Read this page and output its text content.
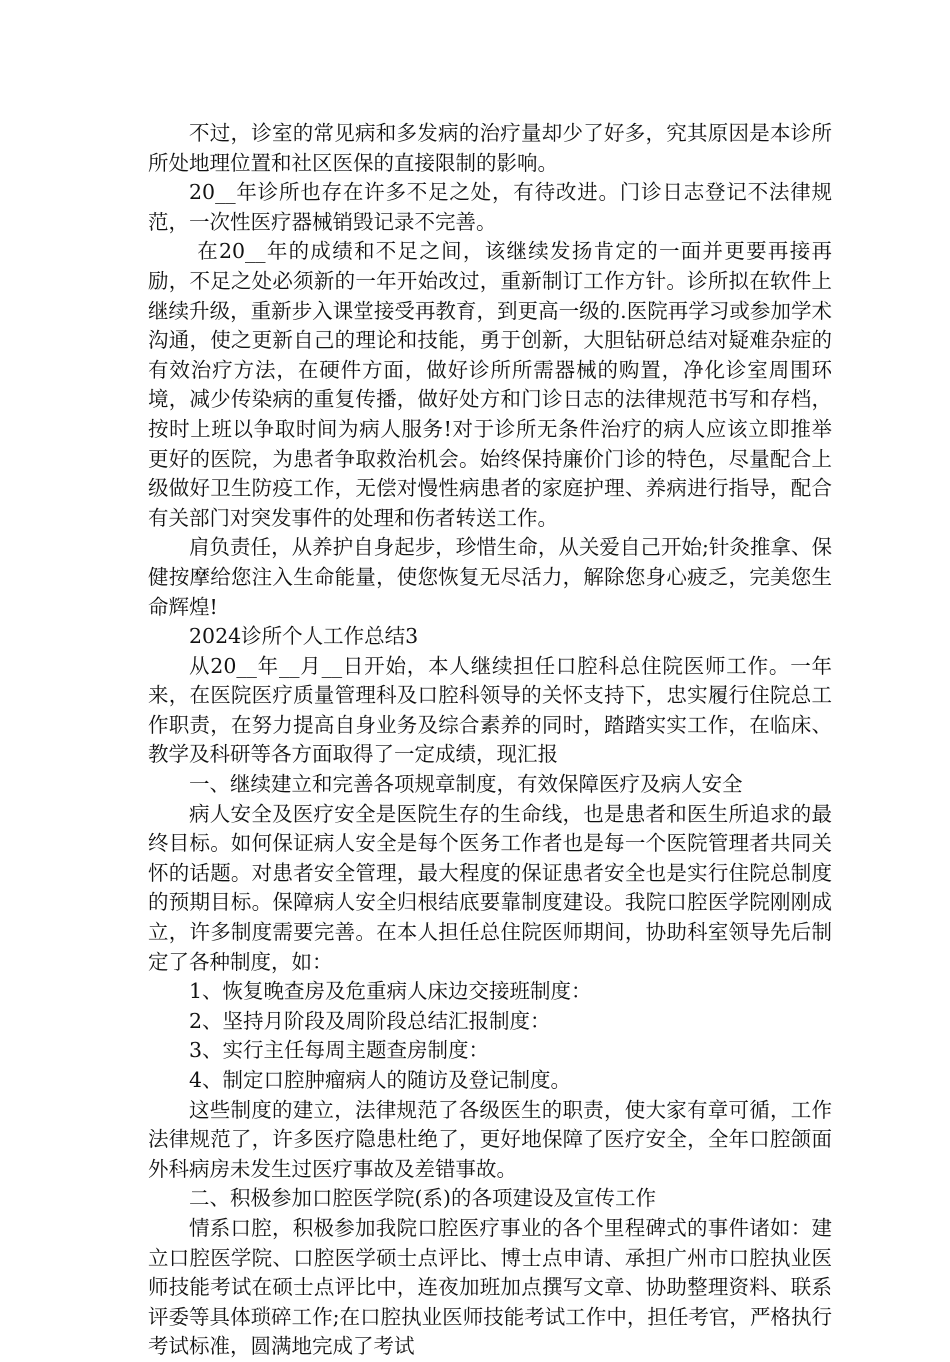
不过，诊室的常见病和多发病的治疗量却少了好多，究其原因是本诊所所处地理位置和社区医保的直接限制的影响。

20__年诊所也存在许多不足之处，有待改进。门诊日志登记不法律规范，一次性医疗器械销毁记录不完善。

在20__年的成绩和不足之间，该继续发扬肯定的一面并更要再接再励，不足之处必须新的一年开始改过，重新制订工作方针。诊所拟在软件上继续升级，重新步入课堂接受再教育，到更高一级的.医院再学习或参加学术沟通，使之更新自己的理论和技能，勇于创新，大胆钻研总结对疑难杂症的有效治疗方法，在硬件方面，做好诊所所需器械的购置，净化诊室周围环境，减少传染病的重复传播，做好处方和门诊日志的法律规范书写和存档，按时上班以争取时间为病人服务!对于诊所无条件治疗的病人应该立即推举更好的医院，为患者争取救治机会。始终保持廉价门诊的特色，尽量配合上级做好卫生防疫工作，无偿对慢性病患者的家庭护理、养病进行指导，配合有关部门对突发事件的处理和伤者转送工作。

肩负责任，从养护自身起步，珍惜生命，从关爱自己开始;针灸推拿、保健按摩给您注入生命能量，使您恢复无尽活力，解除您身心疲乏，完美您生命辉煌!

2024诊所个人工作总结3

从20__年__月__日开始，本人继续担任口腔科总住院医师工作。一年来，在医院医疗质量管理科及口腔科领导的关怀支持下，忠实履行住院总工作职责，在努力提高自身业务及综合素养的同时，踏踏实实工作，在临床、教学及科研等各方面取得了一定成绩，现汇报

一、继续建立和完善各项规章制度，有效保障医疗及病人安全

病人安全及医疗安全是医院生存的生命线，也是患者和医生所追求的最终目标。如何保证病人安全是每个医务工作者也是每一个医院管理者共同关怀的话题。对患者安全管理，最大程度的保证患者安全也是实行住院总制度的预期目标。保障病人安全归根结底要靠制度建设。我院口腔医学院刚刚成立，许多制度需要完善。在本人担任总住院医师期间，协助科室领导先后制定了各种制度，如：

1、恢复晚查房及危重病人床边交接班制度：

2、坚持月阶段及周阶段总结汇报制度：

3、实行主任每周主题查房制度：

4、制定口腔肿瘤病人的随访及登记制度。

这些制度的建立，法律规范了各级医生的职责，使大家有章可循，工作法律规范了，许多医疗隐患杜绝了，更好地保障了医疗安全，全年口腔颌面外科病房未发生过医疗事故及差错事故。

二、积极参加口腔医学院(系)的各项建设及宣传工作

情系口腔，积极参加我院口腔医疗事业的各个里程碑式的事件诸如：建立口腔医学院、口腔医学硕士点评比、博士点申请、承担广州市口腔执业医师技能考试在硕士点评比中，连夜加班加点撰写文章、协助整理资料、联系评委等具体琐碎工作;在口腔执业医师技能考试工作中，担任考官，严格执行考试标准，圆满地完成了考试
